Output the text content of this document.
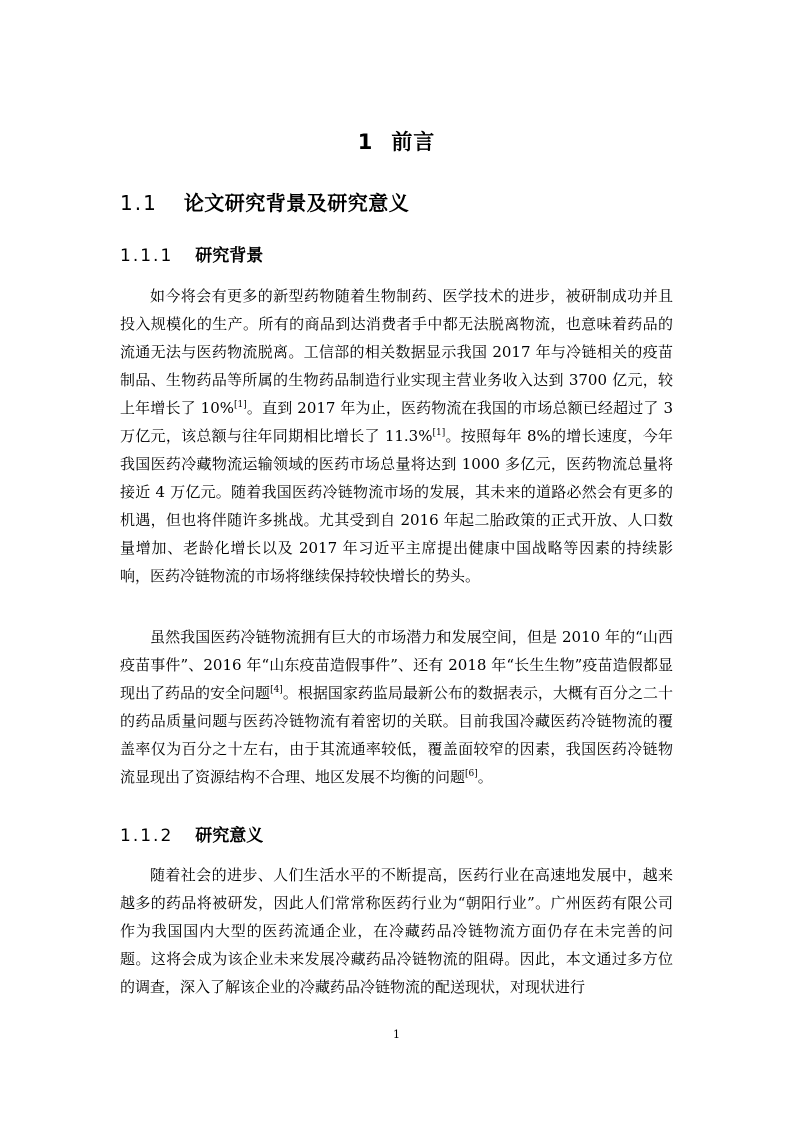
1 前言
1.1 论文研究背景及研究意义
1.1.1 研究背景

如今将会有更多的新型药物随着生物制药、医学技术的进步，被研制成功并且投入规模化的生产。所有的商品到达消费者手中都无法脱离物流，也意味着药品的流通无法与医药物流脱离。工信部的相关数据显示我国 2017 年与冷链相关的疫苗制品、生物药品等所属的生物药品制造行业实现主营业务收入达到 3700 亿元，较上年增长了 10%[1]。直到 2017 年为止，医药物流在我国的市场总额已经超过了 3 万亿元，该总额与往年同期相比增长了 11.3%[1]。按照每年 8%的增长速度，今年我国医药冷藏物流运输领域的医药市场总量将达到 1000 多亿元，医药物流总量将接近 4 万亿元。随着我国医药冷链物流市场的发展，其未来的道路必然会有更多的机遇，但也将伴随许多挑战。尤其受到自 2016 年起二胎政策的正式开放、人口数量增加、老龄化增长以及 2017 年习近平主席提出健康中国战略等因素的持续影响，医药冷链物流的市场将继续保持较快增长的势头。

虽然我国医药冷链物流拥有巨大的市场潜力和发展空间，但是 2010 年的“山西疫苗事件”、2016 年“山东疫苗造假事件”、还有 2018 年“长生生物”疫苗造假都显现出了药品的安全问题[4]。根据国家药监局最新公布的数据表示，大概有百分之二十的药品质量问题与医药冷链物流有着密切的关联。目前我国冷藏医药冷链物流的覆盖率仅为百分之十左右，由于其流通率较低，覆盖面较窄的因素，我国医药冷链物流显现出了资源结构不合理、地区发展不均衡的问题[6]。

1.1.2 研究意义

随着社会的进步、人们生活水平的不断提高，医药行业在高速地发展中，越来越多的药品将被研发，因此人们常常称医药行业为“朝阳行业”。广州医药有限公司作为我国国内大型的医药流通企业，在冷藏药品冷链物流方面仍存在未完善的问题。这将会成为该企业未来发展冷藏药品冷链物流的阻碍。因此，本文通过多方位的调查，深入了解该企业的冷藏药品冷链物流的配送现状，对现状进行

1
